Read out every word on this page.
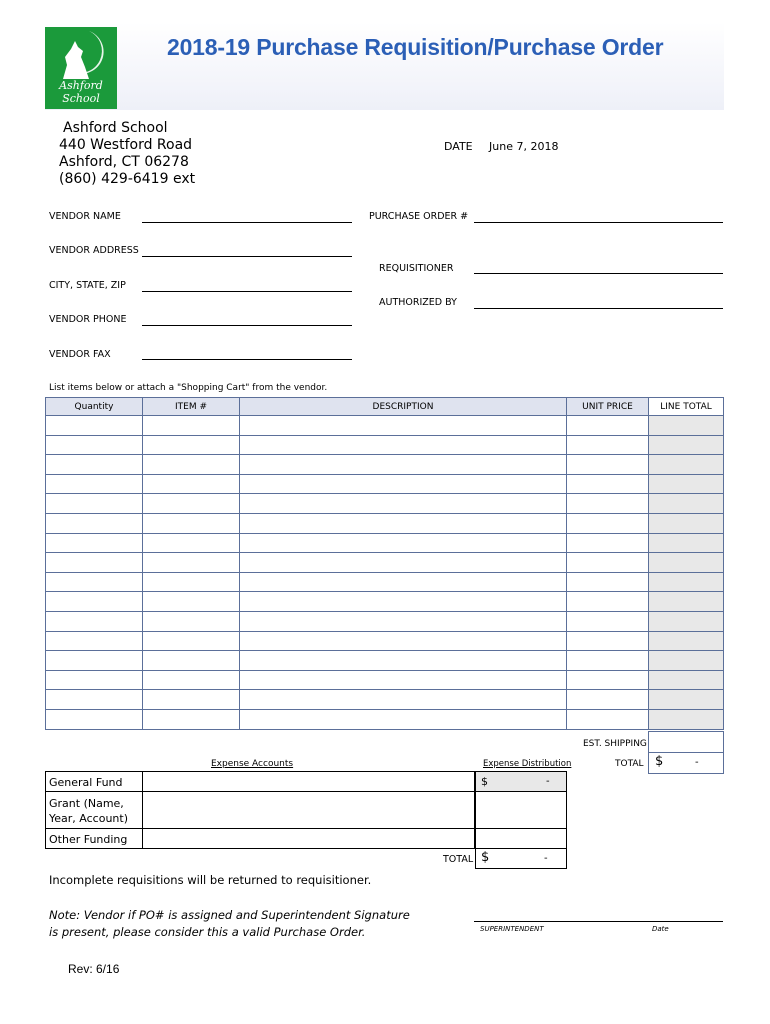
Ashford
School
2018-19 Purchase Requisition/Purchase Order
Ashford School
440 Westford Road
Ashford, CT 06278
(860) 429-6419 ext
DATE June 7, 2018
VENDOR NAME
VENDOR ADDRESS
CITY, STATE, ZIP
VENDOR PHONE
VENDOR FAX
PURCHASE ORDER #
REQUISITIONER
AUTHORIZED BY
List items below or attach a "Shopping Cart" from the vendor.
Quantity	ITEM #	DESCRIPTION	UNIT PRICE	LINE TOTAL

EST. SHIPPING
TOTAL $	-
Expense Accounts	Expense Distribution
General Fund	$	-
Grant (Name,
Year, Account)
Other Funding
TOTAL $	-
Incomplete requisitions will be returned to requisitioner.
Note: Vendor if PO# is assigned and Superintendent Signature
is present, please consider this a valid Purchase Order.	SUPERINTENDENT	Date
Rev: 6/16
